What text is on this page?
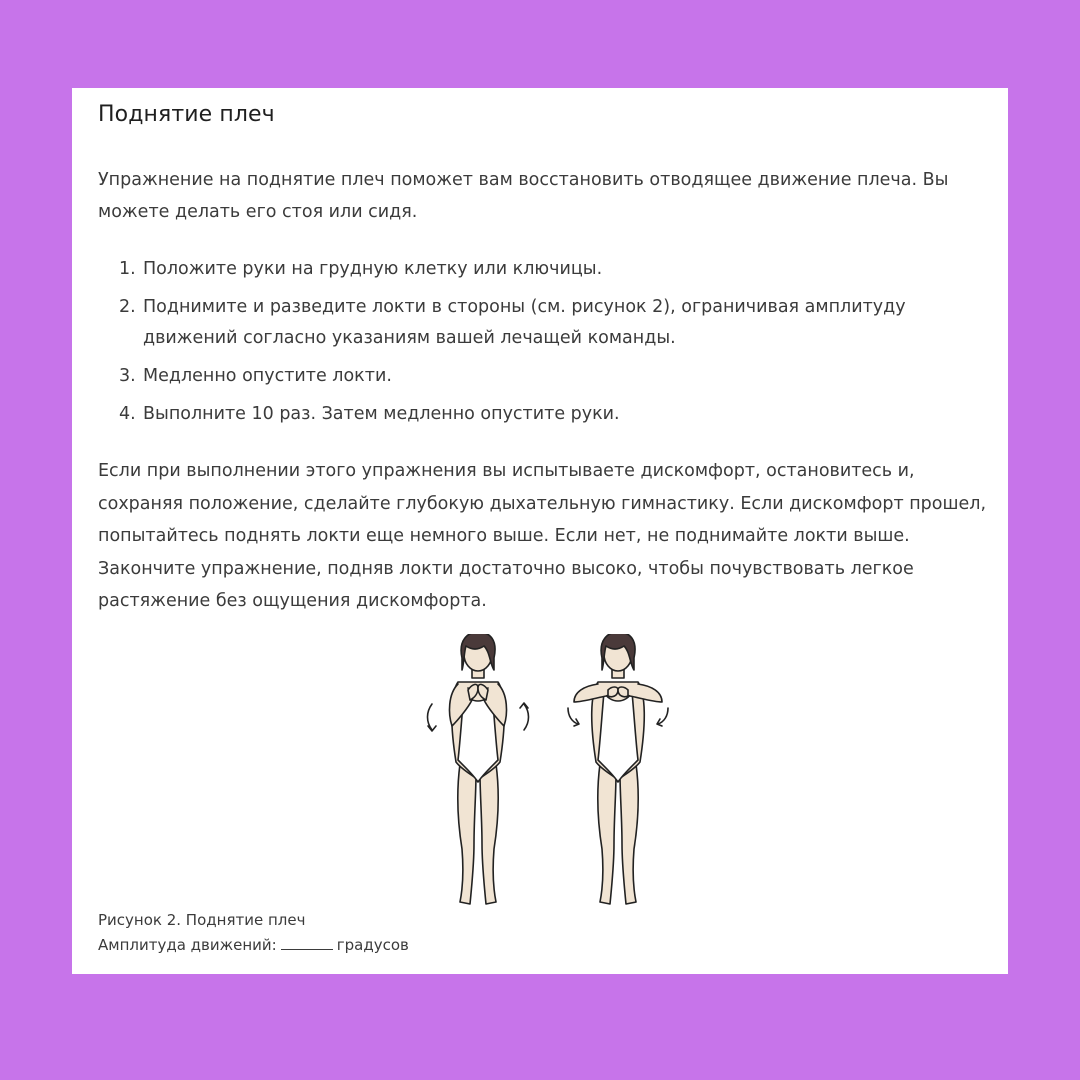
Поднятие плеч

Упражнение на поднятие плеч поможет вам восстановить отводящее движение плеча. Вы можете делать его стоя или сидя.

1. Положите руки на грудную клетку или ключицы.
2. Поднимите и разведите локти в стороны (см. рисунок 2), ограничивая амплитуду движений согласно указаниям вашей лечащей команды.
3. Медленно опустите локти.
4. Выполните 10 раз. Затем медленно опустите руки.

Если при выполнении этого упражнения вы испытываете дискомфорт, остановитесь и, сохраняя положение, сделайте глубокую дыхательную гимнастику. Если дискомфорт прошел, попытайтесь поднять локти еще немного выше. Если нет, не поднимайте локти выше. Закончите упражнение, подняв локти достаточно высоко, чтобы почувствовать легкое растяжение без ощущения дискомфорта.

Рисунок 2. Поднятие плеч
Амплитуда движений:	градусов
